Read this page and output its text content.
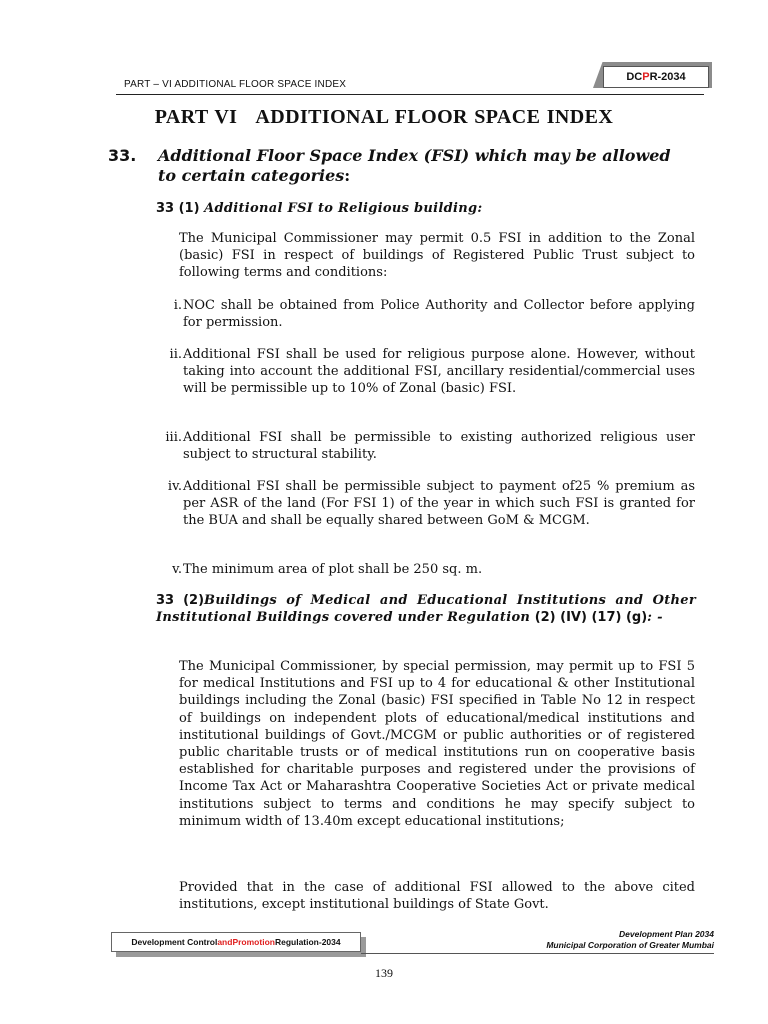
PART – VI ADDITIONAL FLOOR SPACE INDEX
DC P R-2034
PART VI   ADDITIONAL FLOOR SPACE INDEX
33. Additional Floor Space Index (FSI) which may be allowed
to certain categories:
33 (1) Additional FSI to Religious building:

The Municipal Commissioner may permit 0.5 FSI in addition to the Zonal (basic) FSI in respect of buildings of Registered Public Trust subject to following terms and conditions:

i. NOC shall be obtained from Police Authority and Collector before applying for permission.
ii. Additional FSI shall be used for religious purpose alone. However, without taking into account the additional FSI, ancillary residential/commercial uses will be permissible up to 10% of Zonal (basic) FSI.
iii. Additional FSI shall be permissible to existing authorized religious user subject to structural stability.
iv. Additional FSI shall be permissible subject to payment of25 % premium as per ASR of the land (For FSI 1) of the year in which such FSI is granted for the BUA and shall be equally shared between GoM & MCGM.
v. The minimum area of plot shall be 250 sq. m.
33 (2)Buildings of Medical and Educational Institutions and Other Institutional Buildings covered under Regulation (2) (IV) (17) (g): -

The Municipal Commissioner, by special permission, may permit up to FSI 5 for medical Institutions and FSI up to 4 for educational & other Institutional buildings including the Zonal (basic) FSI specified in Table No 12 in respect of buildings on independent plots of educational/medical institutions and institutional buildings of Govt./MCGM or public authorities or of registered public charitable trusts or of medical institutions run on cooperative basis established for charitable purposes and registered under the provisions of Income Tax Act or Maharashtra Cooperative Societies Act or private medical institutions subject to terms and conditions he may specify subject to minimum width of 13.40m except educational institutions;

Provided that in the case of additional FSI allowed to the above cited institutions, except institutional buildings of State Govt.

Development Control and Promotion Regulation-2034
Development Plan 2034
Municipal Corporation of Greater Mumbai
139
